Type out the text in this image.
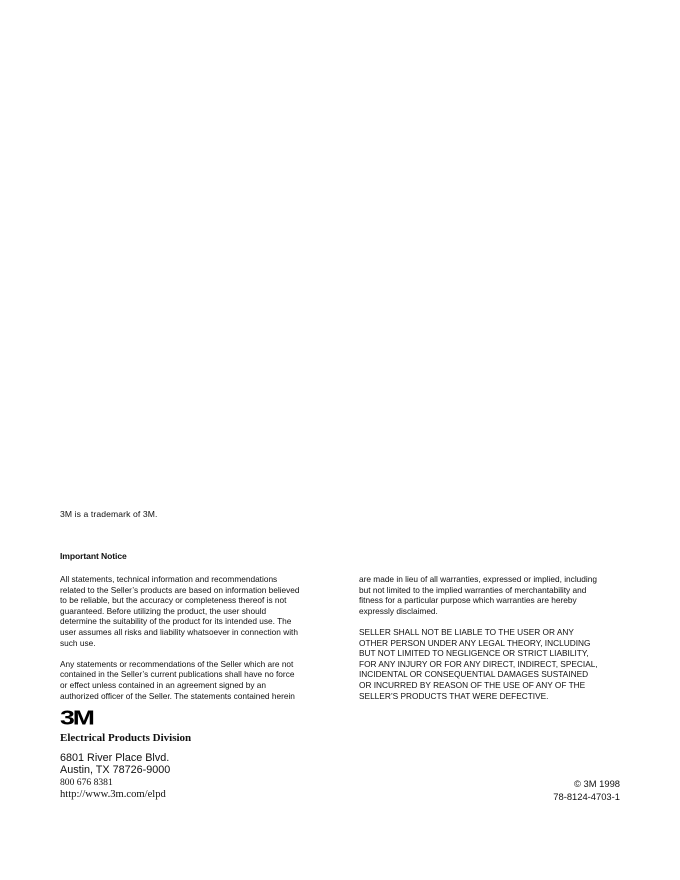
3M is a trademark of 3M.
Important Notice

All statements, technical information and recommendations
related to the Seller’s products are based on information believed
to be reliable, but the accuracy or completeness thereof is not
guaranteed. Before utilizing the product, the user should
determine the suitability of the product for its intended use. The
user assumes all risks and liability whatsoever in connection with
such use.

Any statements or recommendations of the Seller which are not
contained in the Seller’s current publications shall have no force
or effect unless contained in an agreement signed by an
authorized officer of the Seller. The statements contained herein

are made in lieu of all warranties, expressed or implied, including
but not limited to the implied warranties of merchantability and
fitness for a particular purpose which warranties are hereby
expressly disclaimed.

SELLER SHALL NOT BE LIABLE TO THE USER OR ANY
OTHER PERSON UNDER ANY LEGAL THEORY, INCLUDING
BUT NOT LIMITED TO NEGLIGENCE OR STRICT LIABILITY,
FOR ANY INJURY OR FOR ANY DIRECT, INDIRECT, SPECIAL,
INCIDENTAL OR CONSEQUENTIAL DAMAGES SUSTAINED
OR INCURRED BY REASON OF THE USE OF ANY OF THE
SELLER’S PRODUCTS THAT WERE DEFECTIVE.

3M
Electrical Products Division
6801 River Place Blvd.
Austin, TX 78726-9000
800 676 8381
http://www.3m.com/elpd
© 3M 1998
78-8124-4703-1
